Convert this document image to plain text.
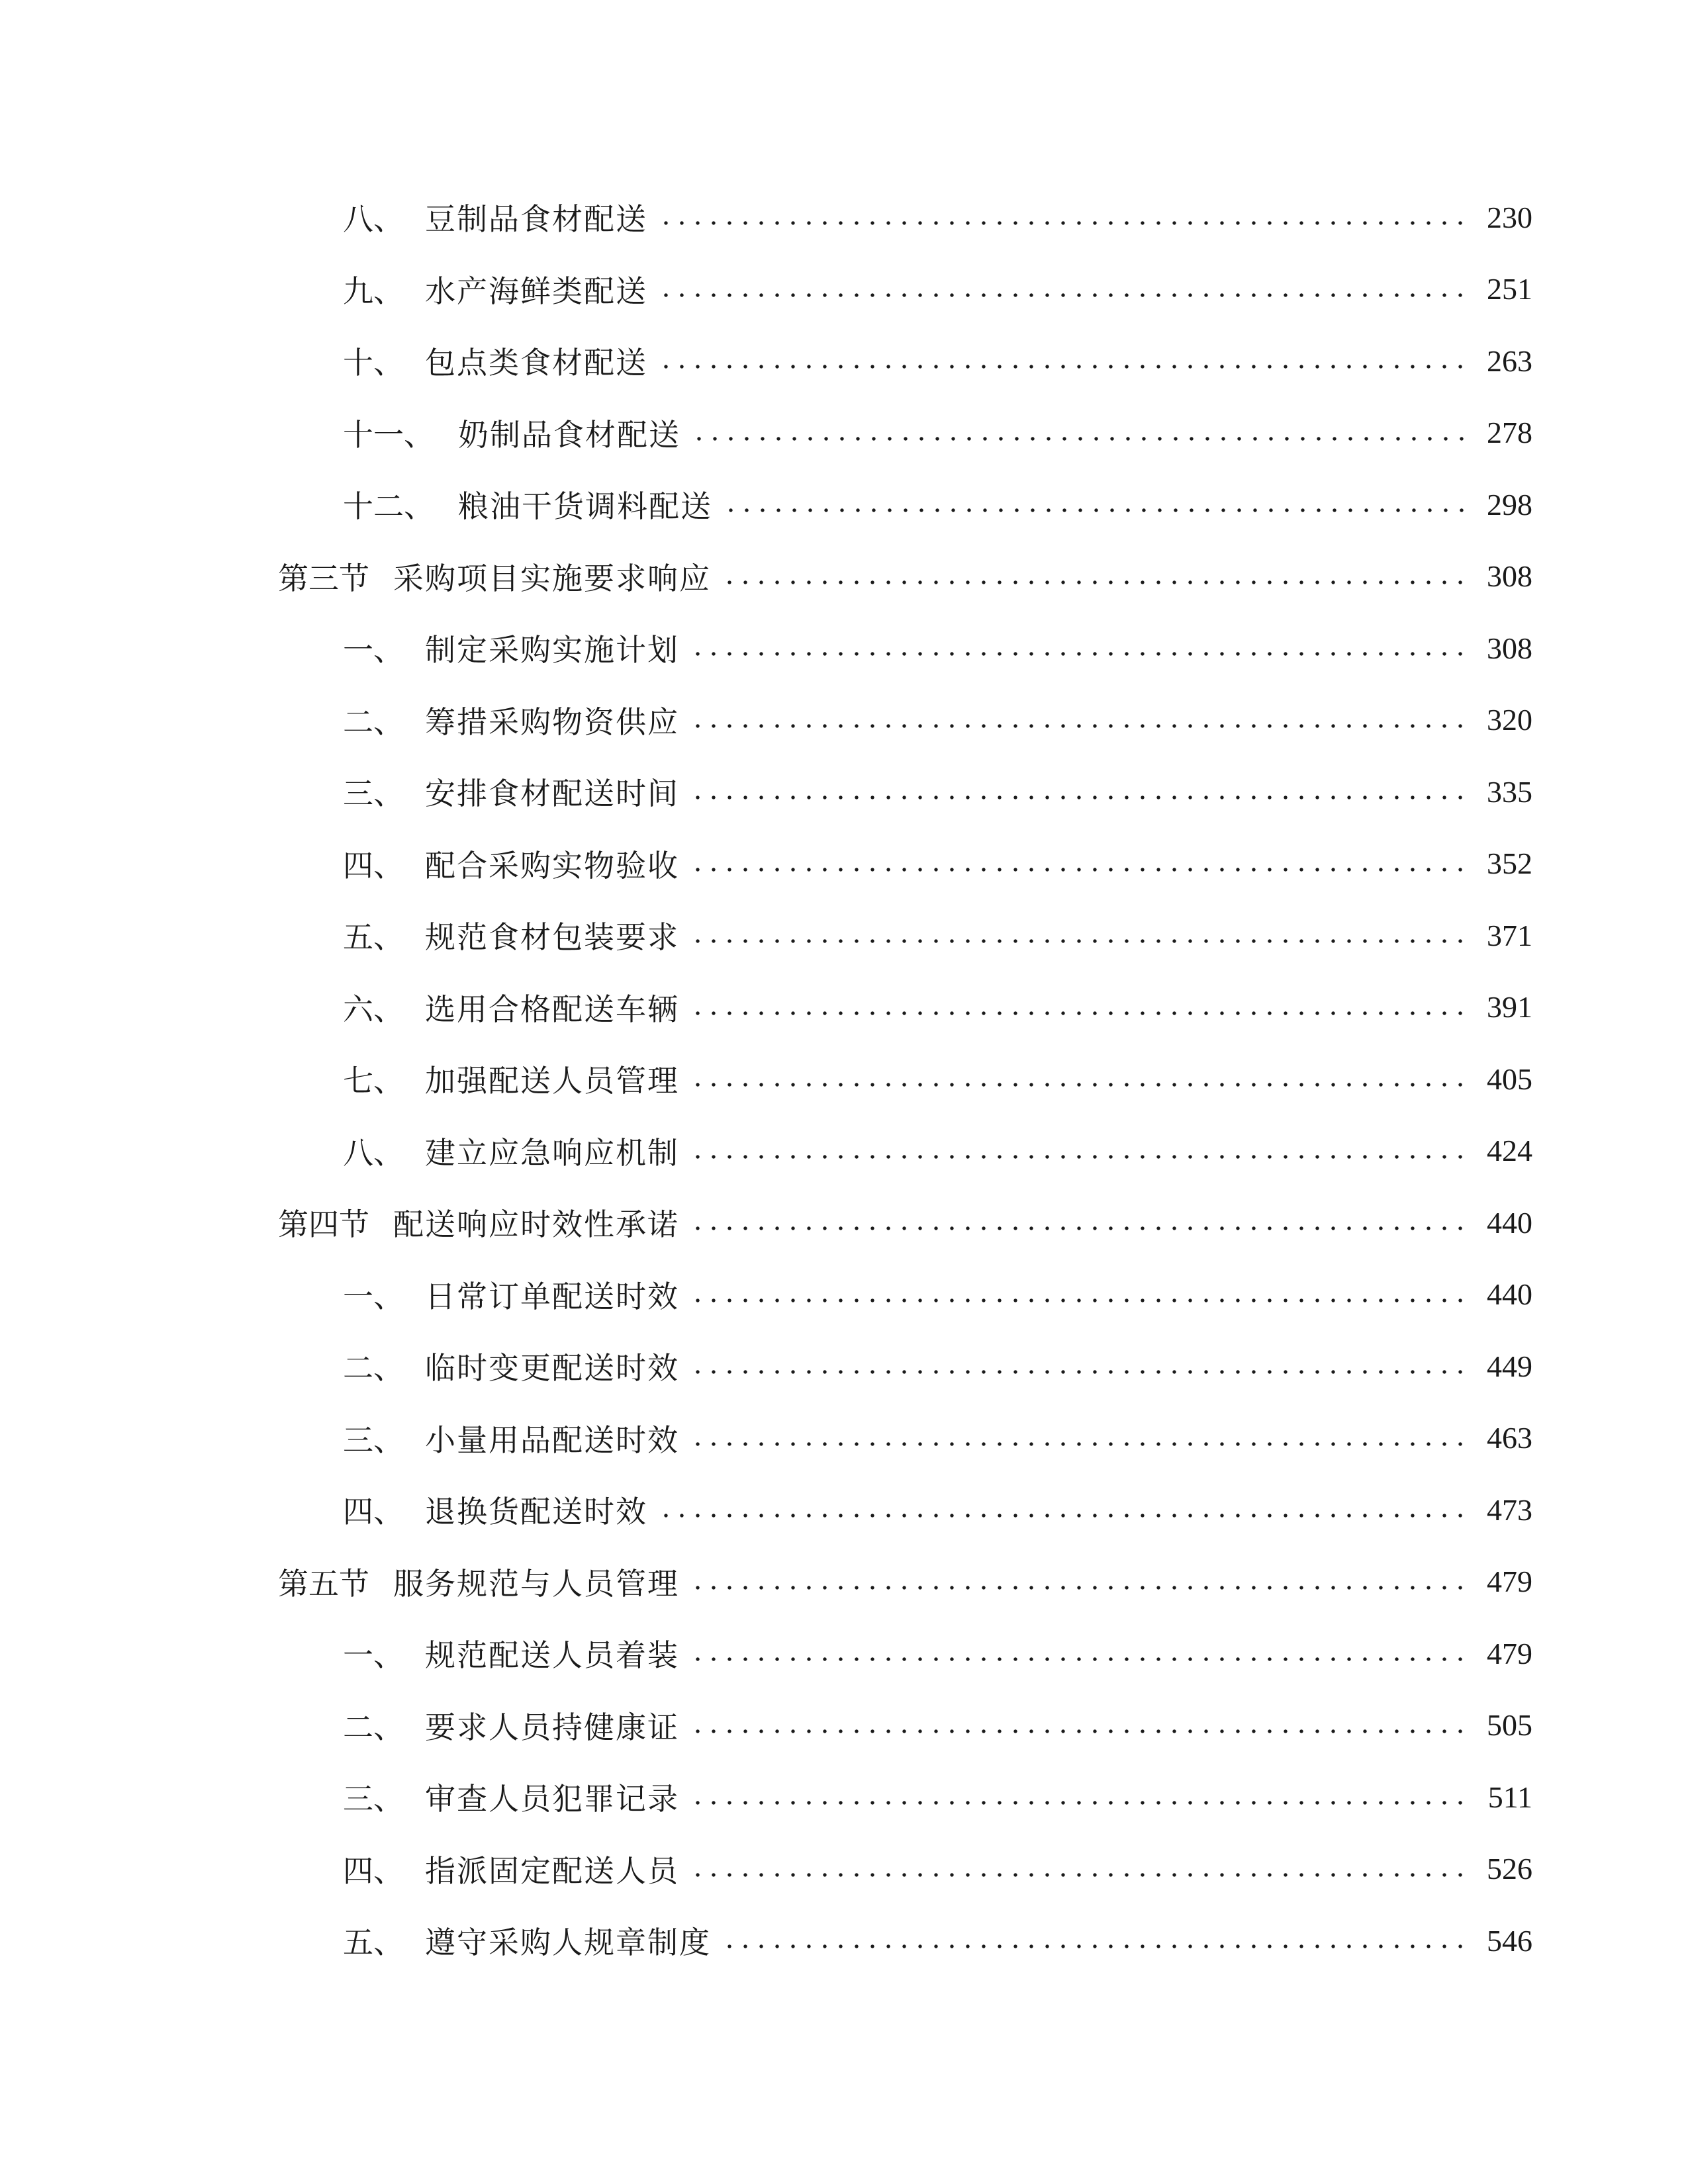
八、 豆制品食材配送	230
九、 水产海鲜类配送	251
十、 包点类食材配送	263
十一、 奶制品食材配送	278
十二、 粮油干货调料配送	298
第三节 采购项目实施要求响应	308
一、 制定采购实施计划	308
二、 筹措采购物资供应	320
三、 安排食材配送时间	335
四、 配合采购实物验收	352
五、 规范食材包装要求	371
六、 选用合格配送车辆	391
七、 加强配送人员管理	405
八、 建立应急响应机制	424
第四节 配送响应时效性承诺	440
一、 日常订单配送时效	440
二、 临时变更配送时效	449
三、 小量用品配送时效	463
四、 退换货配送时效	473
第五节 服务规范与人员管理	479
一、 规范配送人员着装	479
二、 要求人员持健康证	505
三、 审查人员犯罪记录	511
四、 指派固定配送人员	526
五、 遵守采购人规章制度	546
